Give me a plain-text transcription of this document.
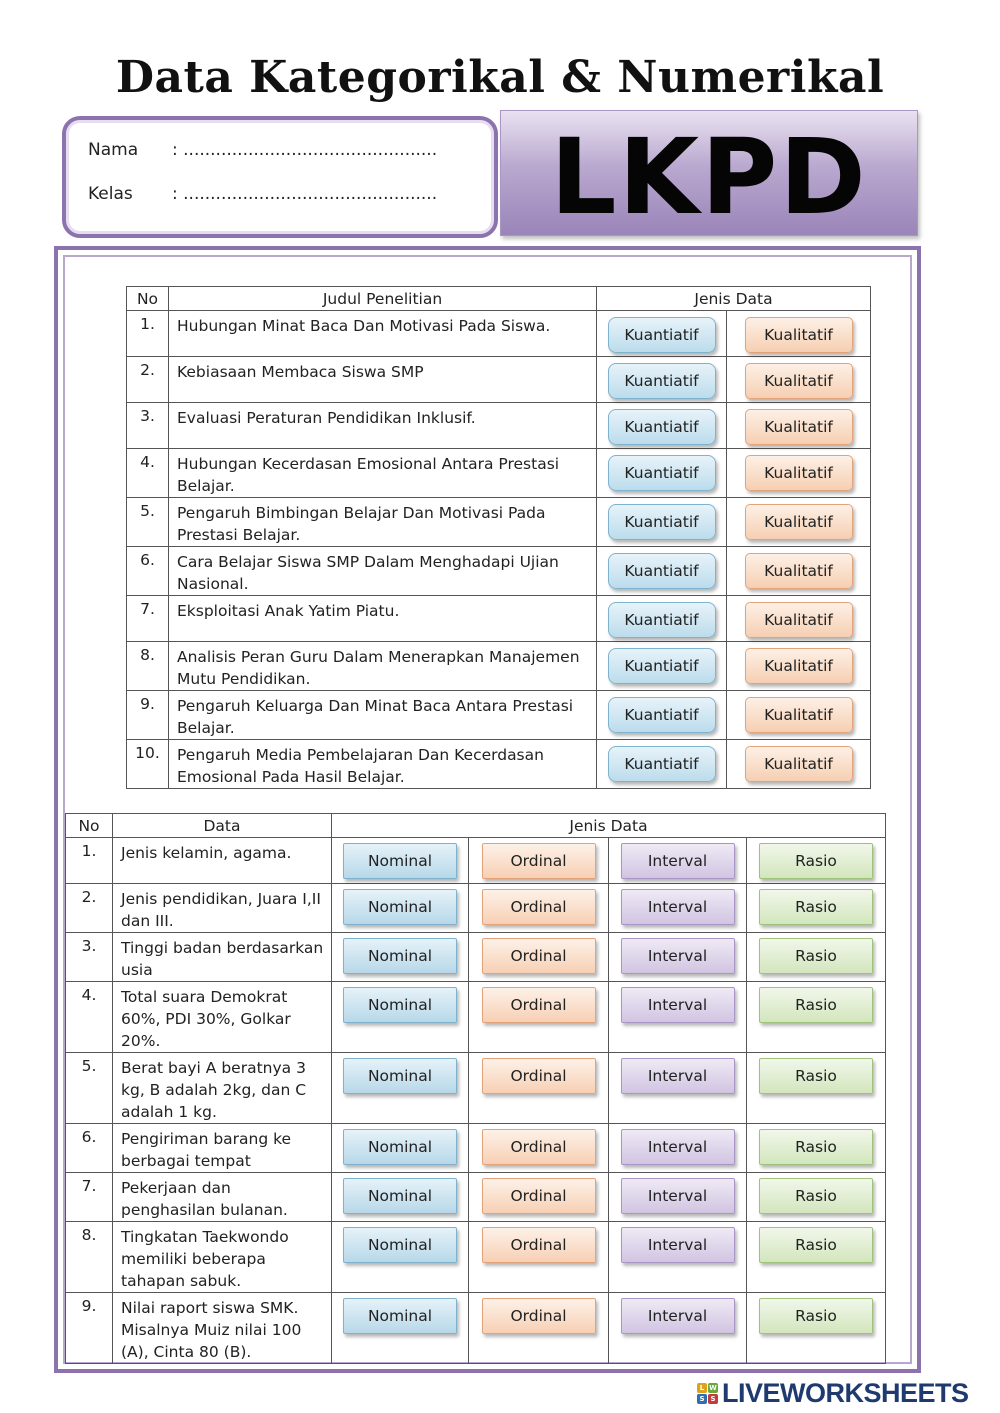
Data Kategorikal & Numerikal
Nama : ...............................................
Kelas : ...............................................	LKPD
No	Judul Penelitian	Jenis Data	
1.	Hubungan Minat Baca Dan Motivasi Pada Siswa.	Kuantiatif	Kualitatif

2.	Kebiasaan Membaca Siswa SMP	Kuantiatif	Kualitatif

3.	Evaluasi Peraturan Pendidikan Inklusif.	Kuantiatif	Kualitatif

4.	Hubungan Kecerdasan Emosional Antara Prestasi Belajar.	Kuantiatif	Kualitatif

5.	Pengaruh Bimbingan Belajar Dan Motivasi Pada Prestasi Belajar.	Kuantiatif	Kualitatif

6.	Cara Belajar Siswa SMP Dalam Menghadapi Ujian Nasional.	Kuantiatif	Kualitatif

7.	Eksploitasi Anak Yatim Piatu.	Kuantiatif	Kualitatif

8.	Analisis Peran Guru Dalam Menerapkan Manajemen Mutu Pendidikan.	Kuantiatif	Kualitatif

9.	Pengaruh Keluarga Dan Minat Baca Antara Prestasi Belajar.	Kuantiatif	Kualitatif

10.	Pengaruh Media Pembelajaran Dan Kecerdasan Emosional Pada Hasil Belajar.	Kuantiatif	Kualitatif
No	Data	Jenis Data			
1.	Jenis kelamin, agama.	Nominal	Ordinal	Interval	Rasio

2.	Jenis pendidikan, Juara I,II dan III.	Nominal	Ordinal	Interval	Rasio

3.	Tinggi badan berdasarkan usia	Nominal	Ordinal	Interval	Rasio

4.	Total suara Demokrat 60%, PDI 30%, Golkar 20%.	Nominal	Ordinal	Interval	Rasio

5.	Berat bayi A beratnya 3 kg, B adalah 2kg, dan C adalah 1 kg.	Nominal	Ordinal	Interval	Rasio

6.	Pengiriman barang ke berbagai tempat	Nominal	Ordinal	Interval	Rasio

7.	Pekerjaan dan penghasilan bulanan.	Nominal	Ordinal	Interval	Rasio

8.	Tingkatan Taekwondo memiliki beberapa tahapan sabuk.	Nominal	Ordinal	Interval	Rasio

9.	Nilai raport siswa SMK. Misalnya Muiz nilai 100 (A), Cinta 80 (B).	Nominal	Ordinal	Interval	Rasio
L W
S S LIVEWORKSHEETS
